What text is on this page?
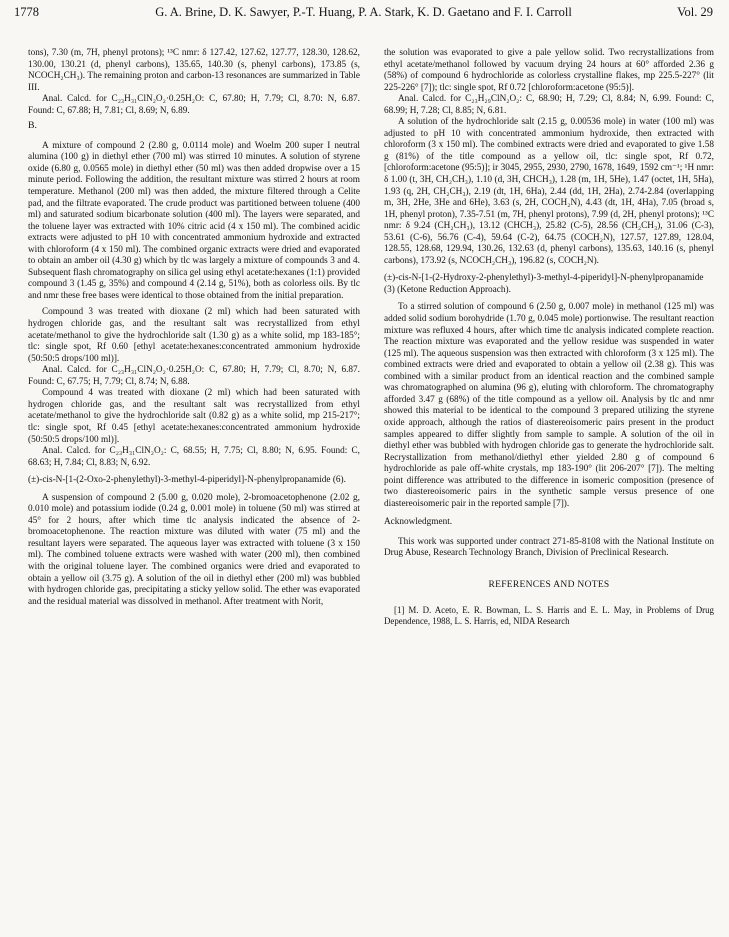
1778	G. A. Brine, D. K. Sawyer, P.-T. Huang, P. A. Stark, K. D. Gaetano and F. I. Carroll	Vol. 29

tons), 7.30 (m, 7H, phenyl protons); ¹³C nmr: δ 127.42, 127.62, 127.77, 128.30, 128.62, 130.00, 130.21 (d, phenyl carbons), 135.65, 140.30 (s, phenyl carbons), 173.85 (s, NCOCH₂CH₃). The remaining proton and carbon-13 resonances are summarized in Table III.

Anal. Calcd. for C₂₃H₃₁ClN₂O₂·0.25H₂O: C, 67.80; H, 7.79; Cl, 8.70: N, 6.87. Found: C, 67.88; H, 7.81; Cl, 8.69; N, 6.89.

B.

A mixture of compound 2 (2.80 g, 0.0114 mole) and Woelm 200 super I neutral alumina (100 g) in diethyl ether (700 ml) was stirred 10 minutes. A solution of styrene oxide (6.80 g, 0.0565 mole) in diethyl ether (50 ml) was then added dropwise over a 15 minute period. Following the addition, the resultant mixture was stirred 2 hours at room temperature. Methanol (200 ml) was then added, the mixture filtered through a Celite pad, and the filtrate evaporated. The crude product was partitioned between toluene (400 ml) and saturated sodium bicarbonate solution (400 ml). The layers were separated, and the toluene layer was extracted with 10% citric acid (4 x 150 ml). The combined acidic extracts were adjusted to pH 10 with concentrated ammonium hydroxide and extracted with chloroform (4 x 150 ml). The combined organic extracts were dried and evaporated to obtain an amber oil (4.30 g) which by tlc was largely a mixture of compounds 3 and 4. Subsequent flash chromatography on silica gel using ethyl acetate:hexanes (1:1) provided compound 3 (1.45 g, 35%) and compound 4 (2.14 g, 51%), both as colorless oils. By tlc and nmr these free bases were identical to those obtained from the initial preparation.

Compound 3 was treated with dioxane (2 ml) which had been saturated with hydrogen chloride gas, and the resultant salt was recrystallized from ethyl acetate/methanol to give the hydrochloride salt (1.30 g) as a white solid, mp 183-185°; tlc: single spot, Rf 0.60 [ethyl acetate:hexanes:concentrated ammonium hydroxide (50:50:5 drops/100 ml)].

Anal. Calcd. for C₂₃H₃₁ClN₂O₂·0.25H₂O: C, 67.80; H, 7.79; Cl, 8.70; N, 6.87. Found: C, 67.75; H, 7.79; Cl, 8.74; N, 6.88.

Compound 4 was treated with dioxane (2 ml) which had been saturated with hydrogen chloride gas, and the resultant salt was recrystallized from ethyl acetate/methanol to give the hydrochloride salt (0.82 g) as a white solid, mp 215-217°; tlc: single spot, Rf 0.45 [ethyl acetate:hexanes:concentrated ammonium hydroxide (50:50:5 drops/100 ml)].

Anal. Calcd. for C₂₃H₃₁ClN₂O₂: C, 68.55; H, 7.75; Cl, 8.80; N, 6.95. Found: C, 68.63; H, 7.84; Cl, 8.83; N, 6.92.

(±)-cis-N-[1-(2-Oxo-2-phenylethyl)-3-methyl-4-piperidyl]-N-phenylpropanamide (6).

A suspension of compound 2 (5.00 g, 0.020 mole), 2-bromoacetophenone (2.02 g, 0.010 mole) and potassium iodide (0.24 g, 0.001 mole) in toluene (50 ml) was stirred at 45° for 2 hours, after which time tlc analysis indicated the absence of 2-bromoacetophenone. The reaction mixture was diluted with water (75 ml) and the resultant layers were separated. The aqueous layer was extracted with toluene (3 x 150 ml). The combined toluene extracts were washed with water (200 ml), then combined with the original toluene layer. The combined organics were dried and evaporated to obtain a yellow oil (3.75 g). A solution of the oil in diethyl ether (200 ml) was bubbled with hydrogen chloride gas, precipitating a sticky yellow solid. The ether was evaporated and the residual material was dissolved in methanol. After treatment with Norit,

the solution was evaporated to give a pale yellow solid. Two recrystallizations from ethyl acetate/methanol followed by vacuum drying 24 hours at 60° afforded 2.36 g (58%) of compound 6 hydrochloride as colorless crystalline flakes, mp 225.5-227° (lit 225-226° [7]); tlc: single spot, Rf 0.72 [chloroform:acetone (95:5)].

Anal. Calcd. for C₂₃H₂₉ClN₂O₂: C, 68.90; H, 7.29; Cl, 8.84; N, 6.99. Found: C, 68.99; H, 7.28; Cl, 8.85; N, 6.81.

A solution of the hydrochloride salt (2.15 g, 0.00536 mole) in water (100 ml) was adjusted to pH 10 with concentrated ammonium hydroxide, then extracted with chloroform (3 x 150 ml). The combined extracts were dried and evaporated to give 1.58 g (81%) of the title compound as a yellow oil, tlc: single spot, Rf 0.72, [chloroform:acetone (95:5)]; ir 3045, 2955, 2930, 2790, 1678, 1649, 1592 cm⁻¹; ¹H nmr: δ 1.00 (t, 3H, CH₂CH₃), 1.10 (d, 3H, CHCH₃), 1.28 (m, 1H, 5He), 1.47 (octet, 1H, 5Ha), 1.93 (q, 2H, CH₂CH₃), 2.19 (dt, 1H, 6Ha), 2.44 (dd, 1H, 2Ha), 2.74-2.84 (overlapping m, 3H, 2He, 3He and 6He), 3.63 (s, 2H, COCH₂N), 4.43 (dt, 1H, 4Ha), 7.05 (broad s, 1H, phenyl proton), 7.35-7.51 (m, 7H, phenyl protons), 7.99 (d, 2H, phenyl protons); ¹³C nmr: δ 9.24 (CH₂CH₃), 13.12 (CHCH₃), 25.82 (C-5), 28.56 (CH₂CH₃), 31.06 (C-3), 53.61 (C-6), 56.76 (C-4), 59.64 (C-2), 64.75 (COCH₂N), 127.57, 127.89, 128.04, 128.55, 128.68, 129.94, 130.26, 132.63 (d, phenyl carbons), 135.63, 140.16 (s, phenyl carbons), 173.92 (s, NCOCH₂CH₃), 196.82 (s, COCH₂N).

(±)-cis-N-[1-(2-Hydroxy-2-phenylethyl)-3-methyl-4-piperidyl]-N-phenylpropanamide (3) (Ketone Reduction Approach).

To a stirred solution of compound 6 (2.50 g, 0.007 mole) in methanol (125 ml) was added solid sodium borohydride (1.70 g, 0.045 mole) portionwise. The resultant reaction mixture was refluxed 4 hours, after which time tlc analysis indicated complete reaction. The reaction mixture was evaporated and the yellow residue was suspended in water (125 ml). The aqueous suspension was then extracted with chloroform (3 x 125 ml). The combined extracts were dried and evaporated to obtain a yellow oil (2.38 g). This was combined with a similar product from an identical reaction and the combined sample was chromatographed on alumina (96 g), eluting with chloroform. The chromatography afforded 3.47 g (68%) of the title compound as a yellow oil. Analysis by tlc and nmr showed this material to be identical to the compound 3 prepared utilizing the styrene oxide approach, although the ratios of diastereoisomeric pairs present in the product samples appeared to differ slightly from sample to sample. A solution of the oil in diethyl ether was bubbled with hydrogen chloride gas to generate the hydrochloride salt. Recrystallization from methanol/diethyl ether yielded 2.80 g of compound 6 hydrochloride as pale off-white crystals, mp 183-190° (lit 206-207° [7]). The melting point difference was attributed to the difference in isomeric composition (presence of two diastereoisomeric pairs in the synthetic sample versus presence of one diastereoisomeric pair in the reported sample [7]).

Acknowledgment.

This work was supported under contract 271-85-8108 with the National Institute on Drug Abuse, Research Technology Branch, Division of Preclinical Research.

REFERENCES AND NOTES

[1] M. D. Aceto, E. R. Bowman, L. S. Harris and E. L. May, in Problems of Drug Dependence, 1988, L. S. Harris, ed, NIDA Research
